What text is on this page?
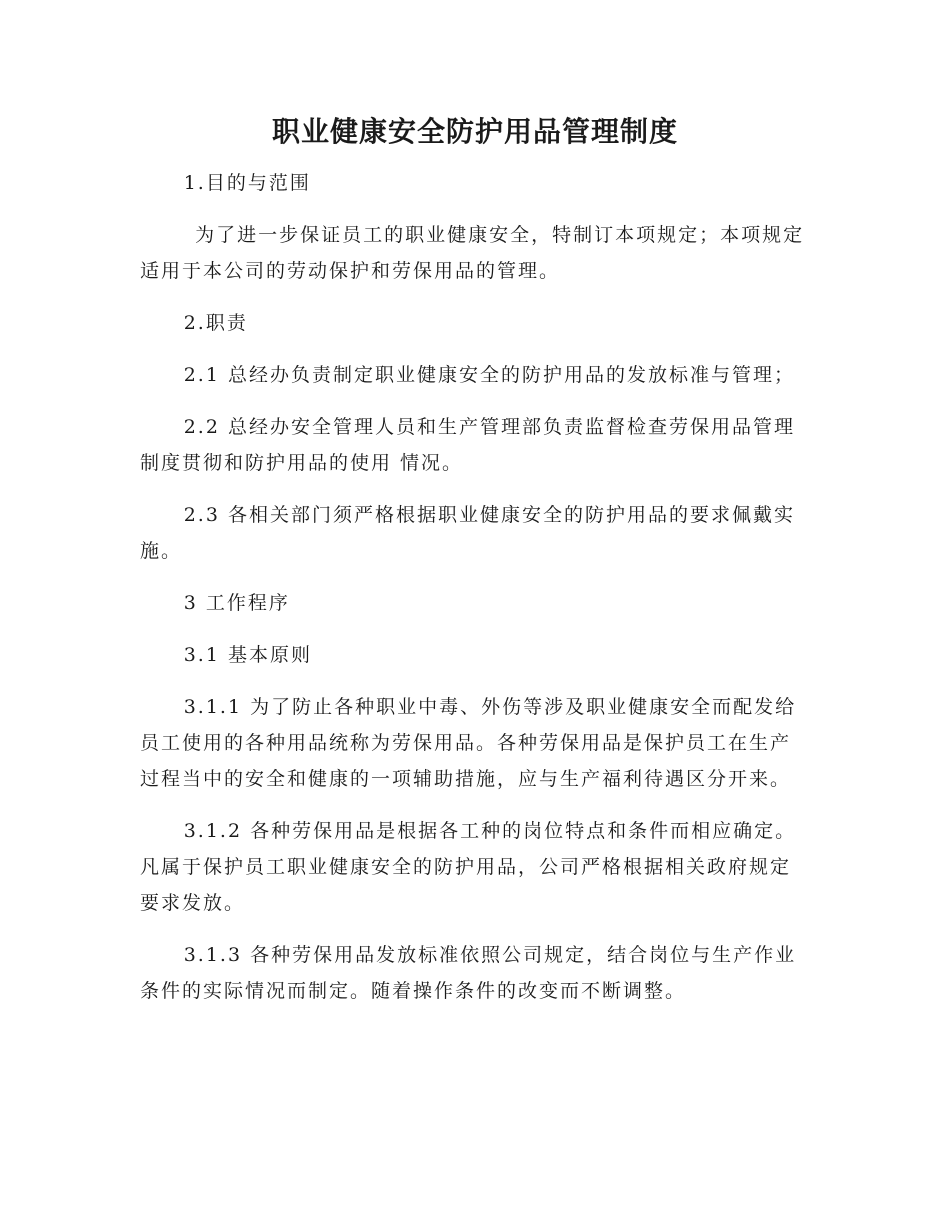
职业健康安全防护用品管理制度

1.目的与范围

为了进一步保证员工的职业健康安全，特制订本项规定；本项规定适用于本公司的劳动保护和劳保用品的管理。

2.职责

2.1 总经办负责制定职业健康安全的防护用品的发放标准与管理；

2.2 总经办安全管理人员和生产管理部负责监督检查劳保用品管理制度贯彻和防护用品的使用 情况。

2.3 各相关部门须严格根据职业健康安全的防护用品的要求佩戴实施。

3 工作程序

3.1 基本原则

3.1.1 为了防止各种职业中毒、外伤等涉及职业健康安全而配发给员工使用的各种用品统称为劳保用品。各种劳保用品是保护员工在生产过程当中的安全和健康的一项辅助措施，应与生产福利待遇区分开来。

3.1.2 各种劳保用品是根据各工种的岗位特点和条件而相应确定。凡属于保护员工职业健康安全的防护用品，公司严格根据相关政府规定要求发放。

3.1.3 各种劳保用品发放标准依照公司规定，结合岗位与生产作业条件的实际情况而制定。随着操作条件的改变而不断调整。
